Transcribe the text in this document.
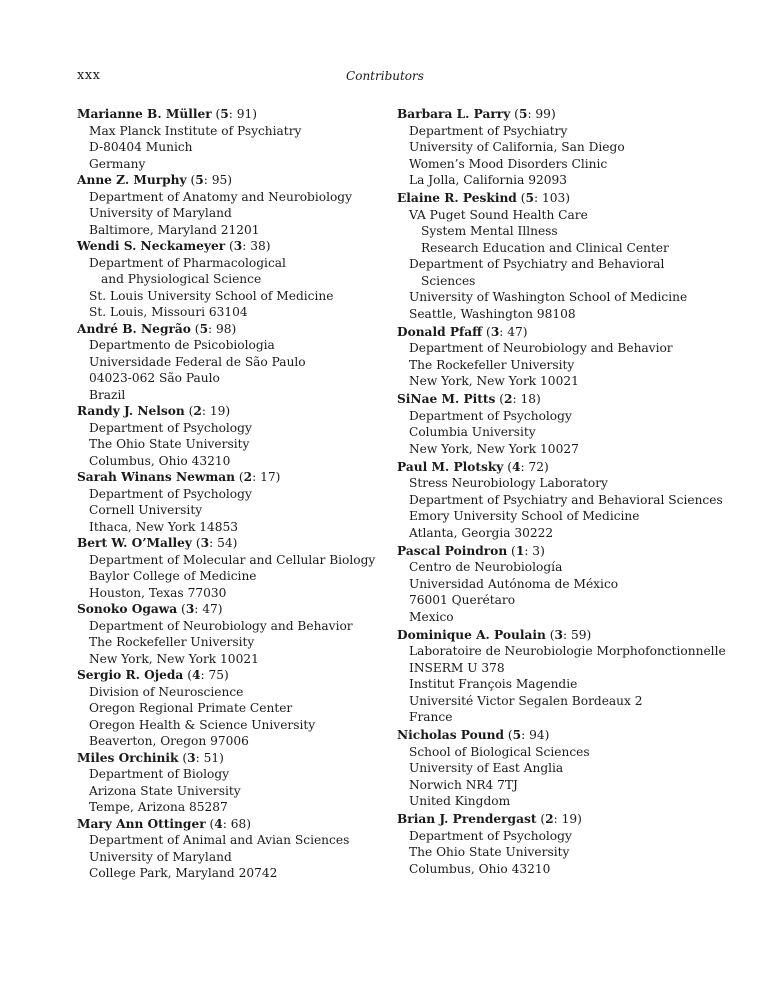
xxx	Contributors
Marianne B. Müller (5: 91)
Max Planck Institute of Psychiatry
D-80404 Munich
Germany
Anne Z. Murphy (5: 95)
Department of Anatomy and Neurobiology
University of Maryland
Baltimore, Maryland 21201
Wendi S. Neckameyer (3: 38)
Department of Pharmacological
and Physiological Science
St. Louis University School of Medicine
St. Louis, Missouri 63104
André B. Negrão (5: 98)
Departmento de Psicobiologia
Universidade Federal de São Paulo
04023-062 São Paulo
Brazil
Randy J. Nelson (2: 19)
Department of Psychology
The Ohio State University
Columbus, Ohio 43210
Sarah Winans Newman (2: 17)
Department of Psychology
Cornell University
Ithaca, New York 14853
Bert W. O’Malley (3: 54)
Department of Molecular and Cellular Biology
Baylor College of Medicine
Houston, Texas 77030
Sonoko Ogawa (3: 47)
Department of Neurobiology and Behavior
The Rockefeller University
New York, New York 10021
Sergio R. Ojeda (4: 75)
Division of Neuroscience
Oregon Regional Primate Center
Oregon Health & Science University
Beaverton, Oregon 97006
Miles Orchinik (3: 51)
Department of Biology
Arizona State University
Tempe, Arizona 85287
Mary Ann Ottinger (4: 68)
Department of Animal and Avian Sciences
University of Maryland
College Park, Maryland 20742
Barbara L. Parry (5: 99)
Department of Psychiatry
University of California, San Diego
Women’s Mood Disorders Clinic
La Jolla, California 92093
Elaine R. Peskind (5: 103)
VA Puget Sound Health Care
System Mental Illness
Research Education and Clinical Center
Department of Psychiatry and Behavioral
Sciences
University of Washington School of Medicine
Seattle, Washington 98108
Donald Pfaff (3: 47)
Department of Neurobiology and Behavior
The Rockefeller University
New York, New York 10021
SiNae M. Pitts (2: 18)
Department of Psychology
Columbia University
New York, New York 10027
Paul M. Plotsky (4: 72)
Stress Neurobiology Laboratory
Department of Psychiatry and Behavioral Sciences
Emory University School of Medicine
Atlanta, Georgia 30222
Pascal Poindron (1: 3)
Centro de Neurobiología
Universidad Autónoma de México
76001 Querétaro
Mexico
Dominique A. Poulain (3: 59)
Laboratoire de Neurobiologie Morphofonctionnelle
INSERM U 378
Institut François Magendie
Université Victor Segalen Bordeaux 2
France
Nicholas Pound (5: 94)
School of Biological Sciences
University of East Anglia
Norwich NR4 7TJ
United Kingdom
Brian J. Prendergast (2: 19)
Department of Psychology
The Ohio State University
Columbus, Ohio 43210
